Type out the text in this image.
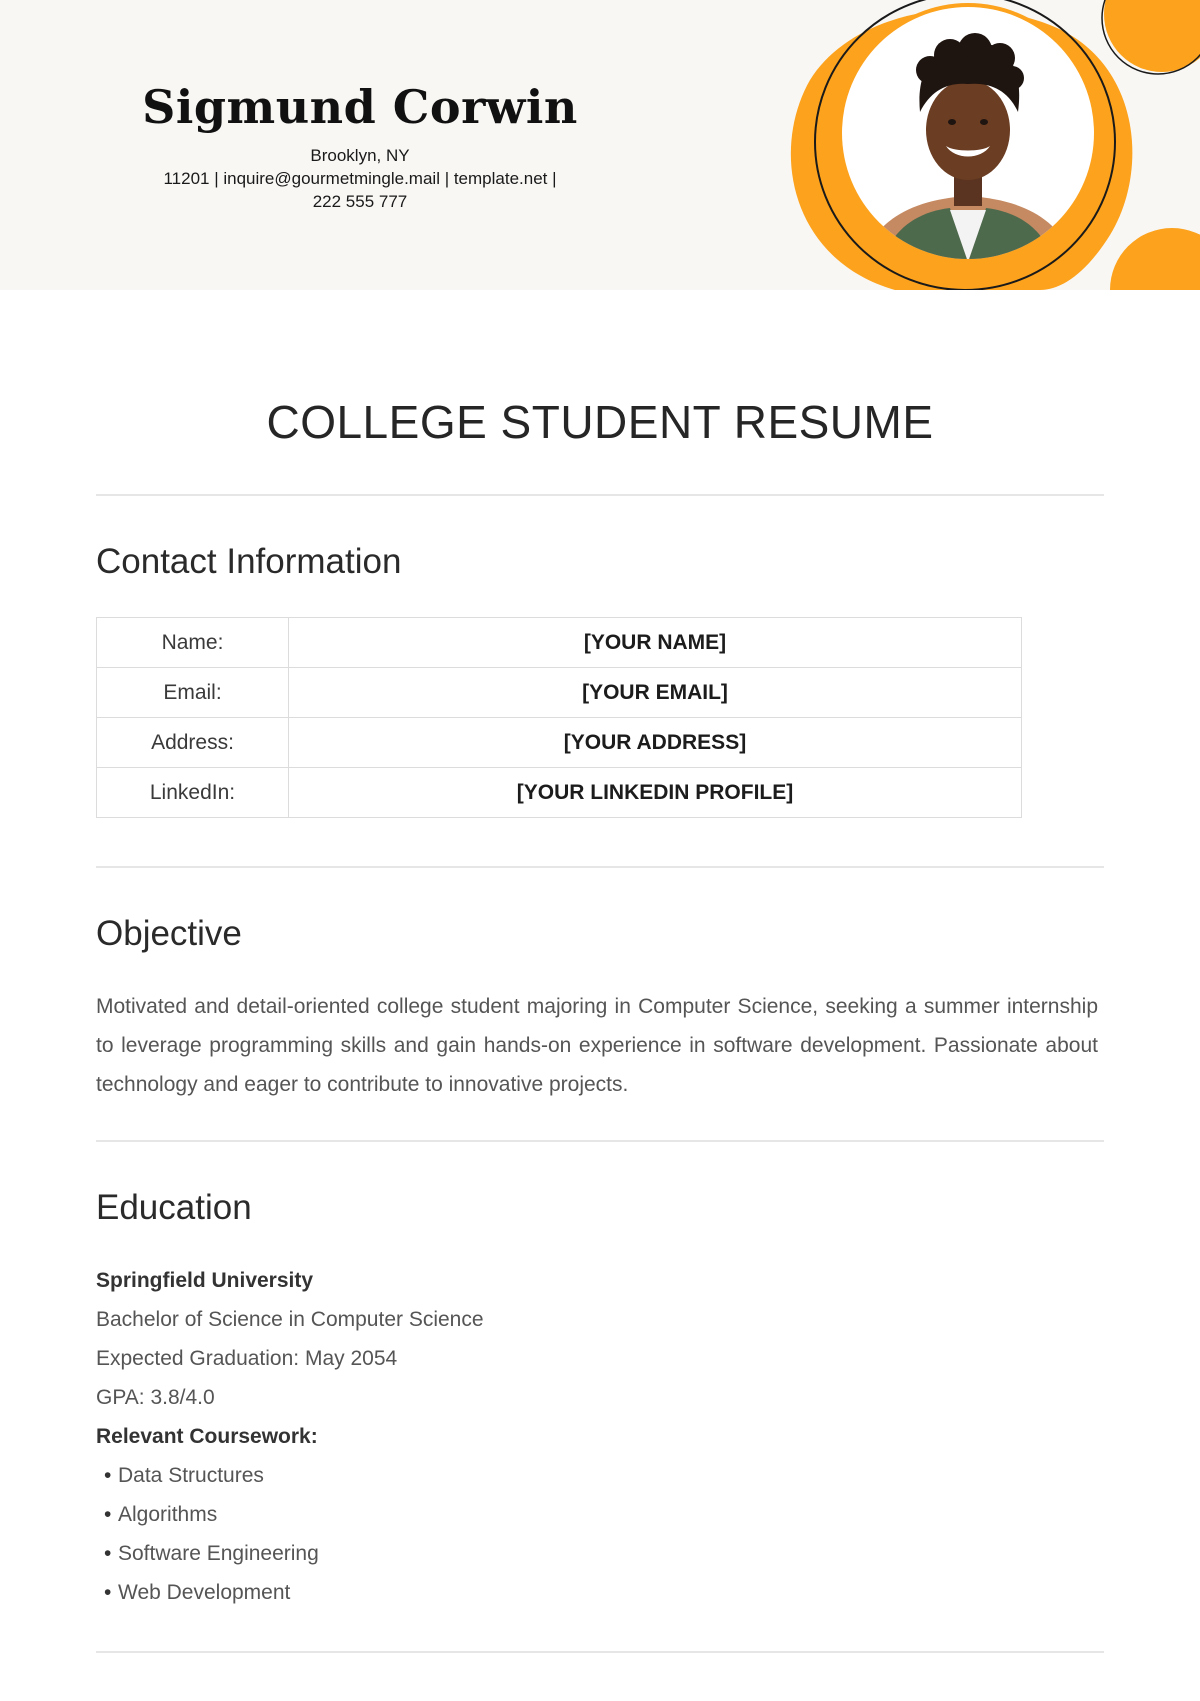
Sigmund Corwin
Brooklyn, NY
11201 | inquire@gourmetmingle.mail | template.net |
222 555 777
COLLEGE STUDENT RESUME
Contact Information
Name:	[YOUR NAME]
Email:	[YOUR EMAIL]
Address:	[YOUR ADDRESS]
LinkedIn:	[YOUR LINKEDIN PROFILE]
Objective

Motivated and detail-oriented college student majoring in Computer Science, seeking a summer internship to leverage programming skills and gain hands-on experience in software development. Passionate about technology and eager to contribute to innovative projects.

Education
Springfield University
Bachelor of Science in Computer Science
Expected Graduation: May 2054
GPA: 3.8/4.0
Relevant Coursework:
• Data Structures
• Algorithms
• Software Engineering
• Web Development
